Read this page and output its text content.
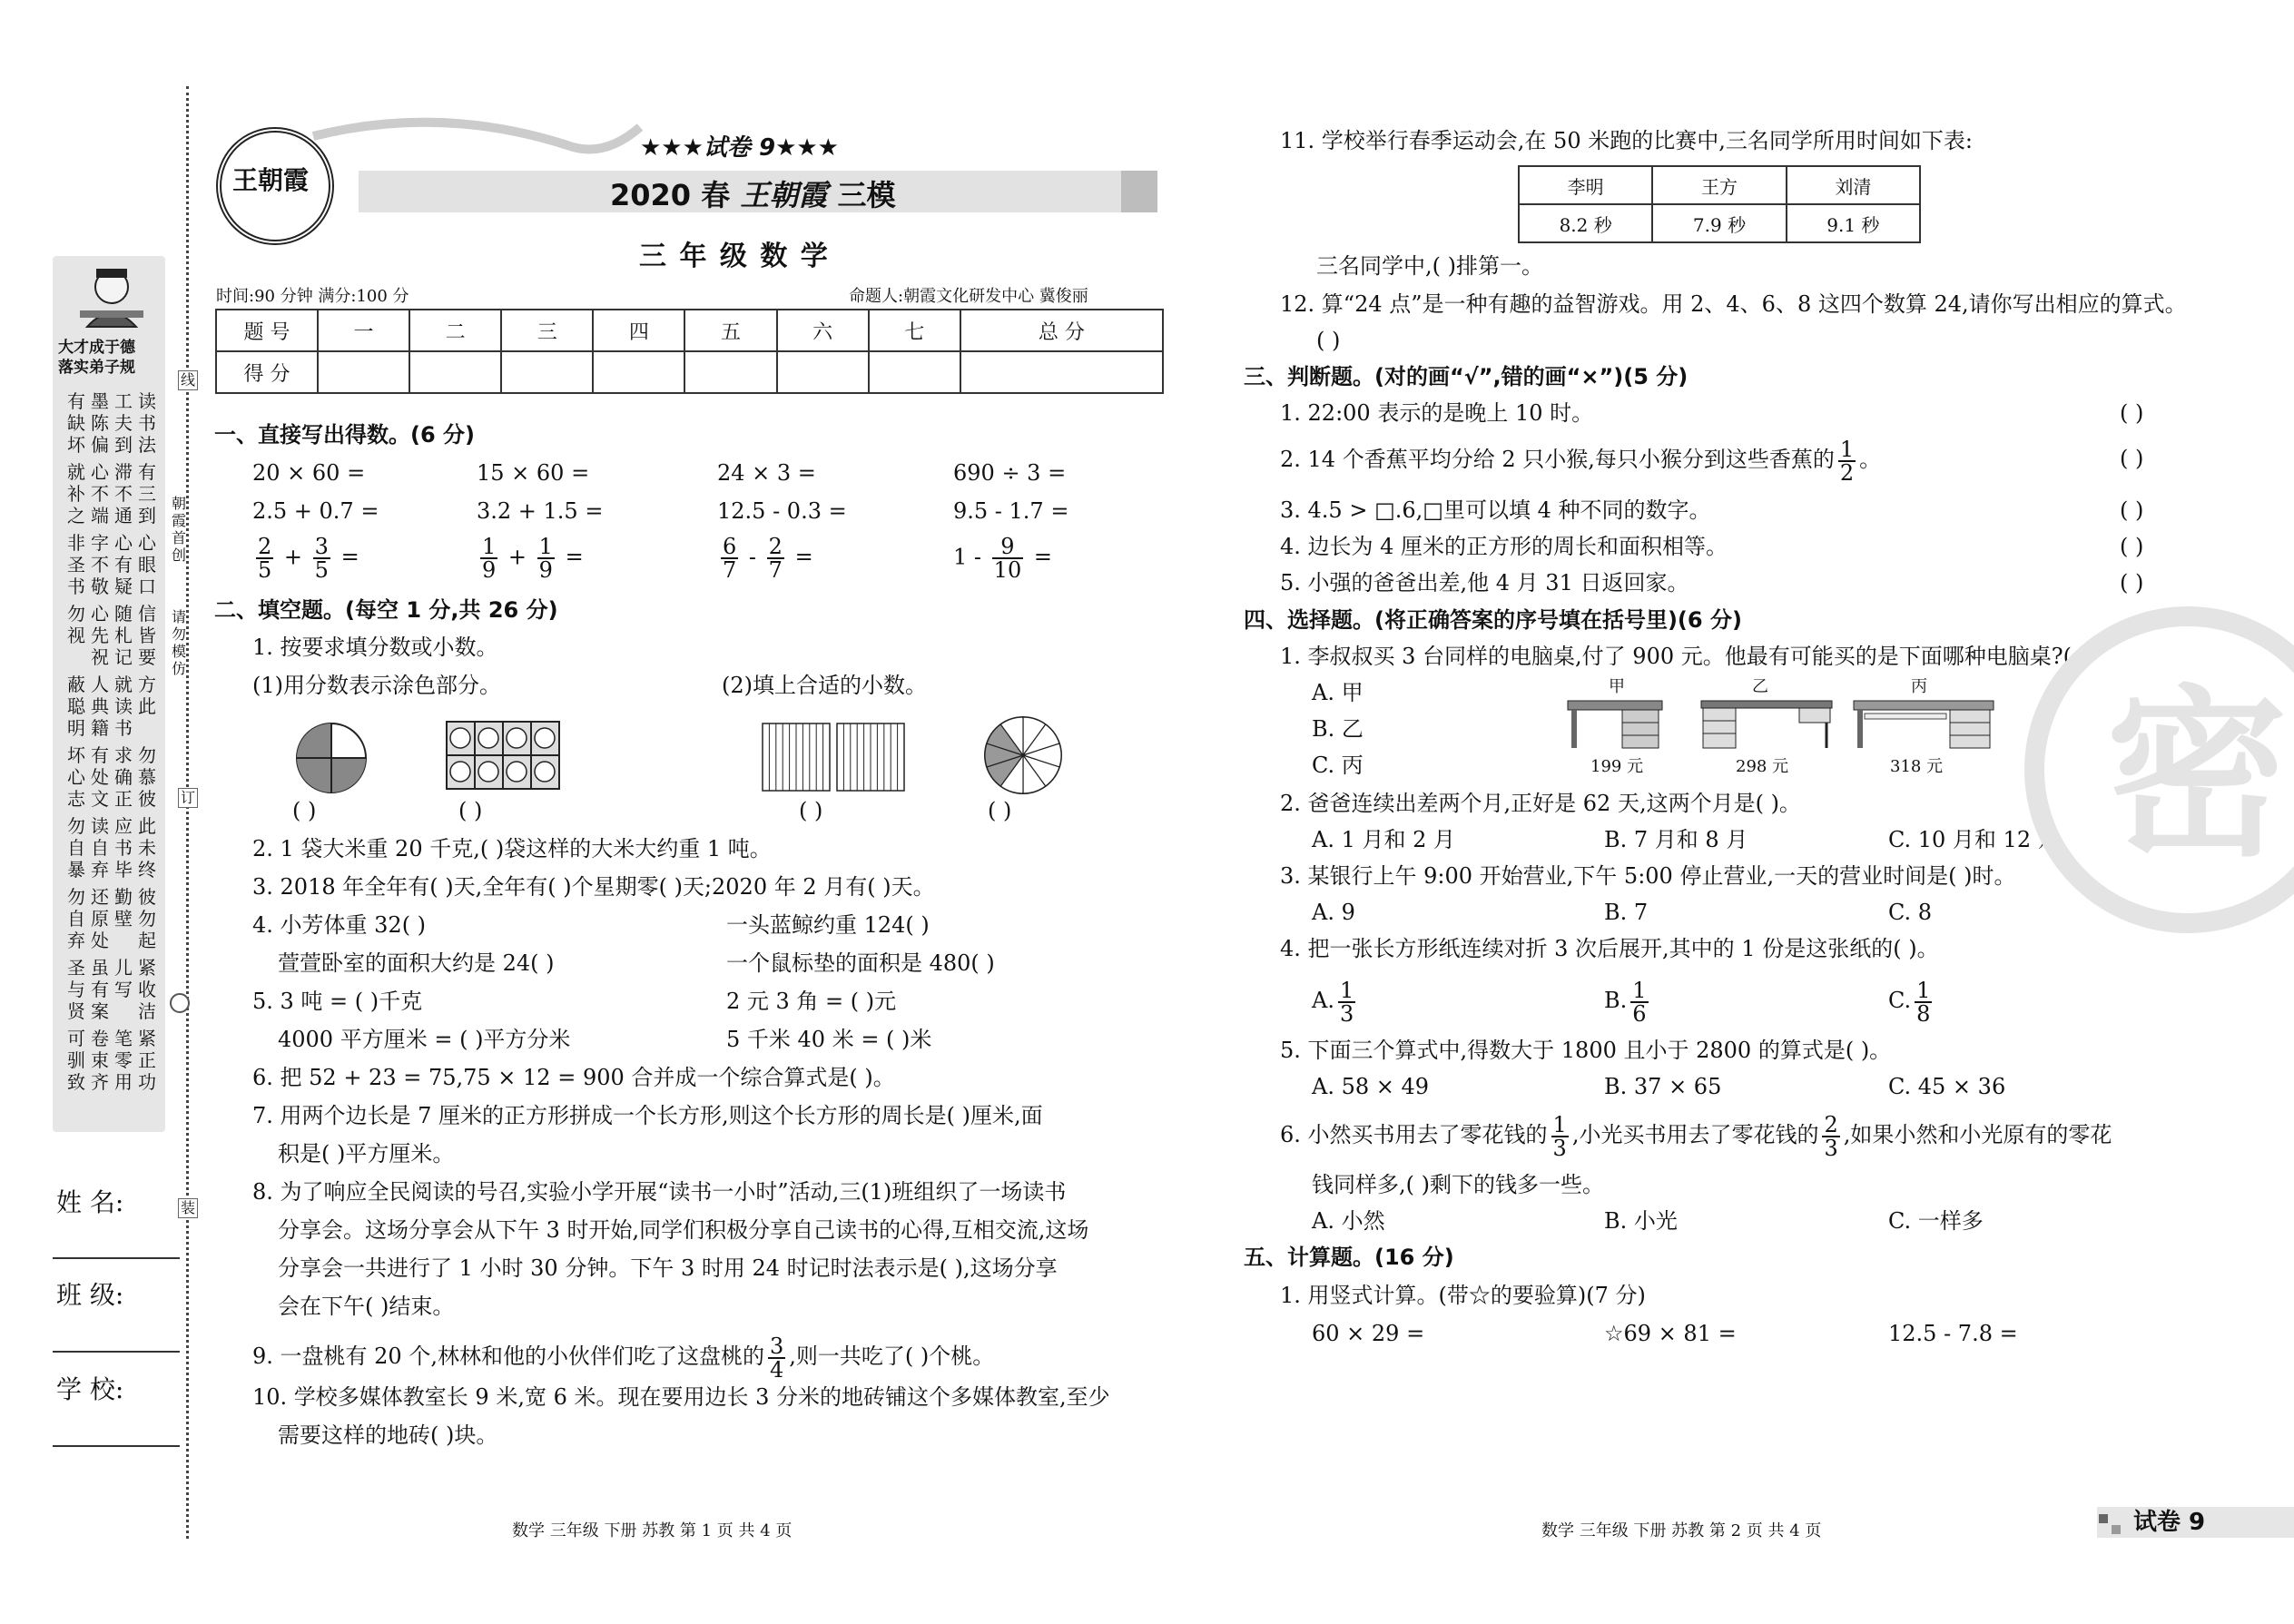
大才成于德
落实弟子规
有缺坏
墨陈偏
工夫到
读书法
就补之
心不端
滞不通
有三到
非圣书
字不敬
心有疑
心眼口
勿视
心先祝
随札记
信皆要
蔽聪明
人典籍
就读书
方此
坏心志
有处文
求确正
勿慕彼
勿自暴
读自弃
应书毕
此未终
勿自弃
还原处
勤壁
彼勿起
圣与贤
虽有案
儿写
紧收洁
可驯致
卷束齐
笔零用
紧正功
线
订
装
朝霞首创
请勿模仿
姓 名:
班 级:
学 校:
王朝霞
★★★试卷 9★★★
2020 春 王朝霞 三模
三 年 级 数 学
时间:90 分钟 满分:100 分	命题人:朝霞文化研发中心 冀俊丽
题 号	一	二	三	四	五	六	七	总 分
得 分								
一、直接写出得数。(6 分)
20 × 60 =	15 × 60 =	24 × 3 =	690 ÷ 3 =
2.5 + 0.7 =	3.2 + 1.5 =	12.5 - 0.3 =	9.5 - 1.7 =
$\frac{2}{5} + \frac{3}{5}$ =	$\frac{1}{9} + \frac{1}{9}$ =	$\frac{6}{7} - \frac{2}{7}$ =	$1 - \frac{9}{10}$ =
二、填空题。(每空 1 分,共 26 分)
1. 按要求填分数或小数。
(1)用分数表示涂色部分。	(2)填上合适的小数。
( )	( )	( )	( )
2. 1 袋大米重 20 千克,( )袋这样的大米大约重 1 吨。
3. 2018 年全年有( )天,全年有( )个星期零( )天;2020 年 2 月有( )天。
4. 小芳体重 32( )	一头蓝鲸约重 124( )
萱萱卧室的面积大约是 24( )	一个鼠标垫的面积是 480( )
5. 3 吨 = ( )千克	2 元 3 角 = ( )元
4000 平方厘米 = ( )平方分米	5 千米 40 米 = ( )米
6. 把 52 + 23 = 75,75 × 12 = 900 合并成一个综合算式是( )。
7. 用两个边长是 7 厘米的正方形拼成一个长方形,则这个长方形的周长是( )厘米,面
积是( )平方厘米。
8. 为了响应全民阅读的号召,实验小学开展“读书一小时”活动,三(1)班组织了一场读书
分享会。这场分享会从下午 3 时开始,同学们积极分享自己读书的心得,互相交流,这场
分享会一共进行了 1 小时 30 分钟。下午 3 时用 24 时记时法表示是( ),这场分享
会在下午( )结束。
9. 一盘桃有 20 个,林林和他的小伙伴们吃了这盘桃的 $\frac{3}{4}$ ,则一共吃了( )个桃。
10. 学校多媒体教室长 9 米,宽 6 米。现在要用边长 3 分米的地砖铺这个多媒体教室,至少
需要这样的地砖( )块。
11. 学校举行春季运动会,在 50 米跑的比赛中,三名同学所用时间如下表:
李明	王方	刘清
8.2 秒	7.9 秒	9.1 秒
三名同学中,( )排第一。
12. 算“24 点”是一种有趣的益智游戏。用 2、4、6、8 这四个数算 24,请你写出相应的算式。
( )
三、判断题。(对的画“√”,错的画“×”)(5 分)
1. 22:00 表示的是晚上 10 时。	( )
2. 14 个香蕉平均分给 2 只小猴,每只小猴分到这些香蕉的 $\frac{1}{2}$ 。	( )
3. 4.5 > □.6,□里可以填 4 种不同的数字。	( )
4. 边长为 4 厘米的正方形的周长和面积相等。	( )
5. 小强的爸爸出差,他 4 月 31 日返回家。	( )
四、选择题。(将正确答案的序号填在括号里)(6 分)
1. 李叔叔买 3 台同样的电脑桌,付了 900 元。他最有可能买的是下面哪种电脑桌?( )
A. 甲
B. 乙
C. 丙
甲	乙	丙
199 元	298 元	318 元
2. 爸爸连续出差两个月,正好是 62 天,这两个月是( )。
A. 1 月和 2 月	B. 7 月和 8 月	C. 10 月和 12 月
3. 某银行上午 9:00 开始营业,下午 5:00 停止营业,一天的营业时间是( )时。
A. 9	B. 7	C. 8
4. 把一张长方形纸连续对折 3 次后展开,其中的 1 份是这张纸的( )。
A. $\frac{1}{3}$	B. $\frac{1}{6}$	C. $\frac{1}{8}$
5. 下面三个算式中,得数大于 1800 且小于 2800 的算式是( )。
A. 58 × 49	B. 37 × 65	C. 45 × 36
6. 小然买书用去了零花钱的 $\frac{1}{3}$ ,小光买书用去了零花钱的 $\frac{2}{3}$ ,如果小然和小光原有的零花
钱同样多,( )剩下的钱多一些。
A. 小然	B. 小光	C. 一样多
五、计算题。(16 分)
1. 用竖式计算。(带☆的要验算)(7 分)
60 × 29 =	☆69 × 81 =	12.5 - 7.8 =
密
数学 三年级 下册 苏教 第 1 页 共 4 页	数学 三年级 下册 苏教 第 2 页 共 4 页	试卷 9
